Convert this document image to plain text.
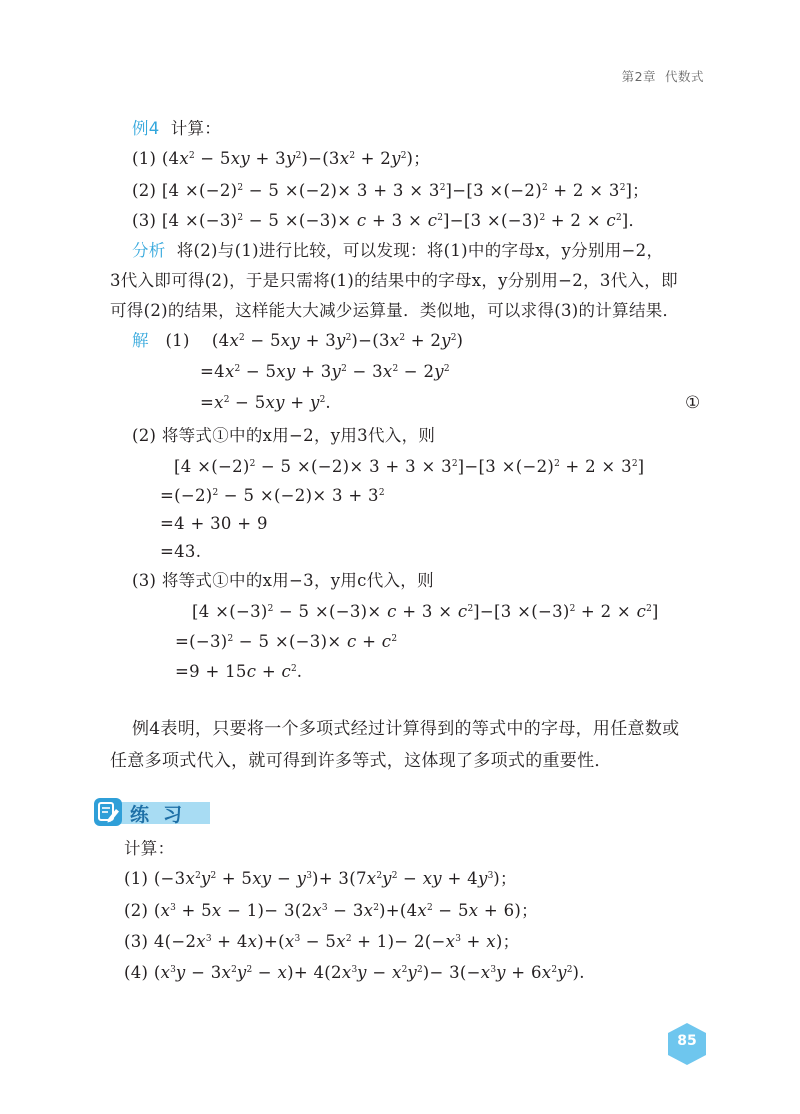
第2章 代数式
例4 计算：
(1) $(4x^2 - 5xy + 3y^2)-(3x^2 + 2y^2)$；
(2) $[4 \times(-2)^2 - 5 \times(-2)\times 3 + 3 \times 3^2]-[3 \times(-2)^2 + 2 \times 3^2]$；
(3) $[4 \times(-3)^2 - 5 \times(-3)\times c + 3 \times c^2]-[3 \times(-3)^2 + 2 \times c^2]$．
分析 将(2)与(1)进行比较，可以发现：将(1)中的字母x，y分别用−2，
3代入即可得(2)，于是只需将(1)的结果中的字母x，y分别用−2，3代入，即
可得(2)的结果，这样能大大减少运算量．类似地，可以求得(3)的计算结果．
解   (1)    $(4x^2 - 5xy + 3y^2)-(3x^2 + 2y^2)$
$=4x^2 - 5xy + 3y^2 - 3x^2 - 2y^2$
$=x^2 - 5xy + y^2$.	①
(2) 将等式①中的x用−2，y用3代入，则
$[4 \times(-2)^2 - 5 \times(-2)\times 3 + 3 \times 3^2]-[3 \times(-2)^2 + 2 \times 3^2]$
$=(-2)^2 - 5 \times(-2)\times 3 + 3^2$
=4 + 30 + 9
=43.
(3) 将等式①中的x用−3，y用c代入，则
$[4 \times(-3)^2 - 5 \times(-3)\times c + 3 \times c^2]-[3 \times(-3)^2 + 2 \times c^2]$
$=(-3)^2 - 5 \times(-3)\times c + c^2$
$=9 + 15c + c^2$.
例4表明，只要将一个多项式经过计算得到的等式中的字母，用任意数或
任意多项式代入，就可得到许多等式，这体现了多项式的重要性．
练习
计算：
(1) $(-3x^2y^2 + 5xy - y^3)+ 3(7x^2y^2$ − xy + $4y^3$)；
(2) $(x^3 + 5x - 1)- 3(2x^3 - 3x^2)+(4x^2 - 5x + 6)$；
(3) $4(-2x^3 + 4x)+(x^3 - 5x^2 + 1)- 2(-x^3 + x)$；
(4) $(x^3y - 3x^2y^2 - x)+ 4(2x^3y - x^2y^2)- 3(-x^3y + 6x^2y^2)$.
85
